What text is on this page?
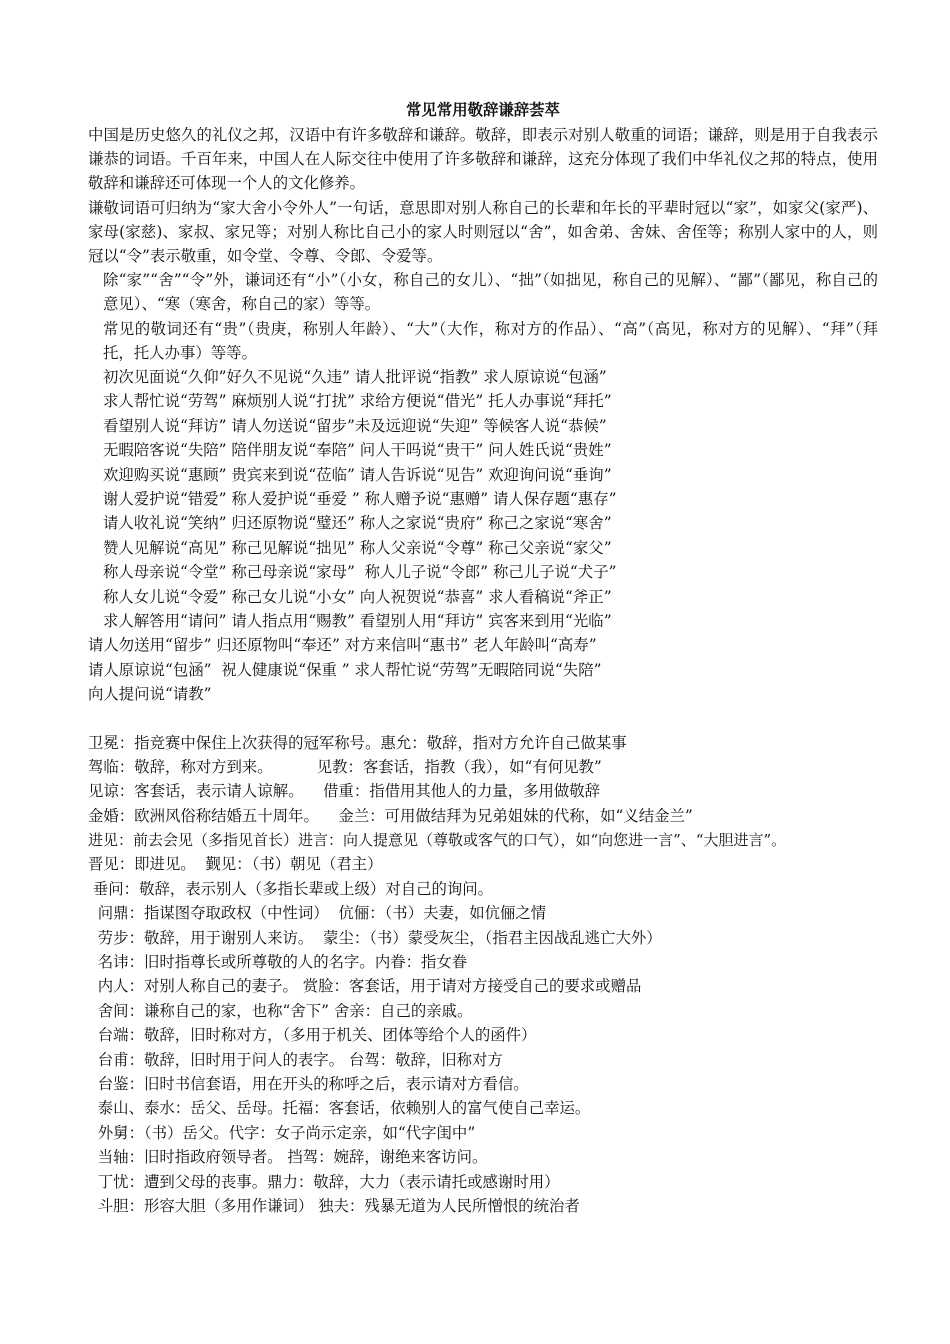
常见常用敬辞谦辞荟萃
中国是历史悠久的礼仪之邦，汉语中有许多敬辞和谦辞。敬辞，即表示对别人敬重的词语；谦辞，则是用于自我表示谦恭的词语。千百年来，中国人在人际交往中使用了许多敬辞和谦辞，这充分体现了我们中华礼仪之邦的特点，使用敬辞和谦辞还可体现一个人的文化修养。
谦敬词语可归纳为“家大舍小令外人”一句话，意思即对别人称自己的长辈和年长的平辈时冠以“家”，如家父(家严)、家母(家慈)、家叔、家兄等；对别人称比自己小的家人时则冠以“舍”，如舍弟、舍妹、舍侄等；称别人家中的人，则冠以“令”表示敬重，如令堂、令尊、令郎、令爱等。
除“家”“舍”“令”外，谦词还有“小”（小女，称自己的女儿）、“拙”（如拙见，称自己的见解）、“鄙”（鄙见，称自己的意见）、“寒（寒舍，称自己的家）等等。
常见的敬词还有“贵”（贵庚，称别人年龄）、“大”（大作，称对方的作品）、“高”（高见，称对方的见解）、“拜”（拜托，托人办事）等等。
初次见面说“久仰”好久不见说“久违” 请人批评说“指教” 求人原谅说“包涵”
求人帮忙说“劳驾” 麻烦别人说“打扰” 求给方便说“借光” 托人办事说“拜托”
看望别人说“拜访” 请人勿送说“留步”未及远迎说“失迎” 等候客人说“恭候”
无暇陪客说“失陪” 陪伴朋友说“奉陪” 问人干吗说“贵干” 问人姓氏说“贵姓”
欢迎购买说“惠顾” 贵宾来到说“莅临” 请人告诉说“见告” 欢迎询问说“垂询”
谢人爱护说“错爱” 称人爱护说“垂爱 ” 称人赠予说“惠赠” 请人保存题“惠存”
请人收礼说“笑纳” 归还原物说“璧还” 称人之家说“贵府” 称己之家说“寒舍”
赞人见解说“高见” 称己见解说“拙见” 称人父亲说“令尊” 称己父亲说“家父”
称人母亲说“令堂” 称己母亲说“家母”  称人儿子说“令郎” 称己儿子说“犬子”
称人女儿说“令爱” 称己女儿说“小女” 向人祝贺说“恭喜” 求人看稿说“斧正”
求人解答用“请问” 请人指点用“赐教” 看望别人用“拜访” 宾客来到用“光临”
请人勿送用“留步” 归还原物叫“奉还” 对方来信叫“惠书” 老人年龄叫“高寿”
请人原谅说“包涵”  祝人健康说“保重 ” 求人帮忙说“劳驾”无暇陪同说“失陪”
向人提问说“请教”
卫冕：指竞赛中保住上次获得的冠军称号。惠允：敬辞，指对方允许自己做某事
驾临：敬辞，称对方到来。         见教：客套话，指教（我），如“有何见教”
见谅：客套话，表示请人谅解。    借重：指借用其他人的力量，多用做敬辞
金婚：欧洲风俗称结婚五十周年。    金兰：可用做结拜为兄弟姐妹的代称，如“义结金兰”
进见：前去会见（多指见首长）进言：向人提意见（尊敬或客气的口气），如“向您进一言”、“大胆进言”。
晋见：即进见。  觐见：（书）朝见（君主）
垂问：敬辞，表示别人（多指长辈或上级）对自己的询问。
问鼎：指谋图夺取政权（中性词）  伉俪：（书）夫妻，如伉俪之情
劳步：敬辞，用于谢别人来访。  蒙尘：（书）蒙受灰尘，（指君主因战乱逃亡大外）
名讳：旧时指尊长或所尊敬的人的名字。内眷：指女眷
内人：对别人称自己的妻子。 赏脸：客套话，用于请对方接受自己的要求或赠品
舍间：谦称自己的家，也称“舍下” 舍亲：自己的亲戚。
台端：敬辞，旧时称对方，（多用于机关、团体等给个人的函件）
台甫：敬辞，旧时用于问人的表字。 台驾：敬辞，旧称对方
台鉴：旧时书信套语，用在开头的称呼之后，表示请对方看信。
泰山、泰水：岳父、岳母。托福：客套话，依赖别人的富气使自己幸运。
外舅：（书）岳父。代字：女子尚示定亲，如“代字闺中”
当轴：旧时指政府领导者。 挡驾：婉辞，谢绝来客访问。
丁忧：遭到父母的丧事。鼎力：敬辞，大力（表示请托或感谢时用）
斗胆：形容大胆（多用作谦词） 独夫：残暴无道为人民所憎恨的统治者
